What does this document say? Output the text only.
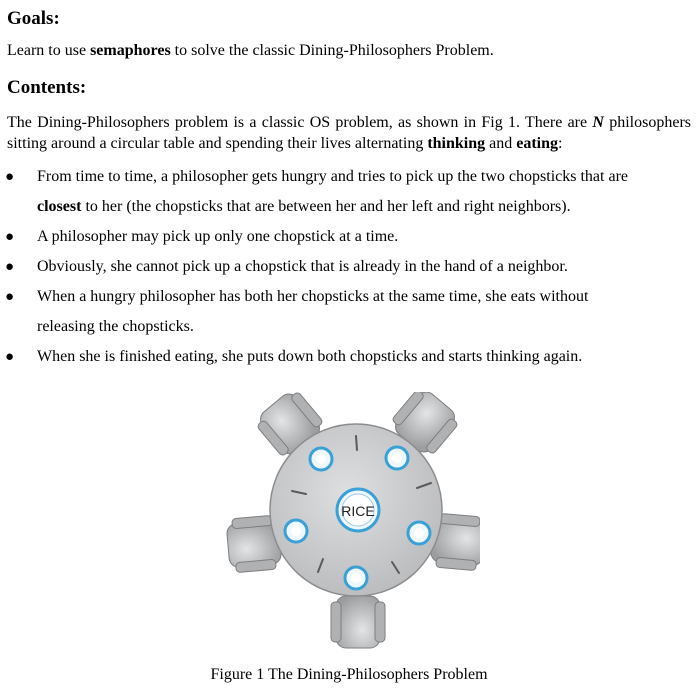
Goals:

Learn to use semaphores to solve the classic Dining-Philosophers Problem.

Contents:

The Dining-Philosophers problem is a classic OS problem, as shown in Fig 1. There are N philosophers sitting around a circular table and spending their lives alternating thinking and eating:

● From time to time, a philosopher gets hungry and tries to pick up the two chopsticks that are
closest to her (the chopsticks that are between her and her left and right neighbors).
● A philosopher may pick up only one chopstick at a time.
● Obviously, she cannot pick up a chopstick that is already in the hand of a neighbor.
● When a hungry philosopher has both her chopsticks at the same time, she eats without
releasing the chopsticks.
● When she is finished eating, she puts down both chopsticks and starts thinking again.
RICE
Figure 1 The Dining-Philosophers Problem
